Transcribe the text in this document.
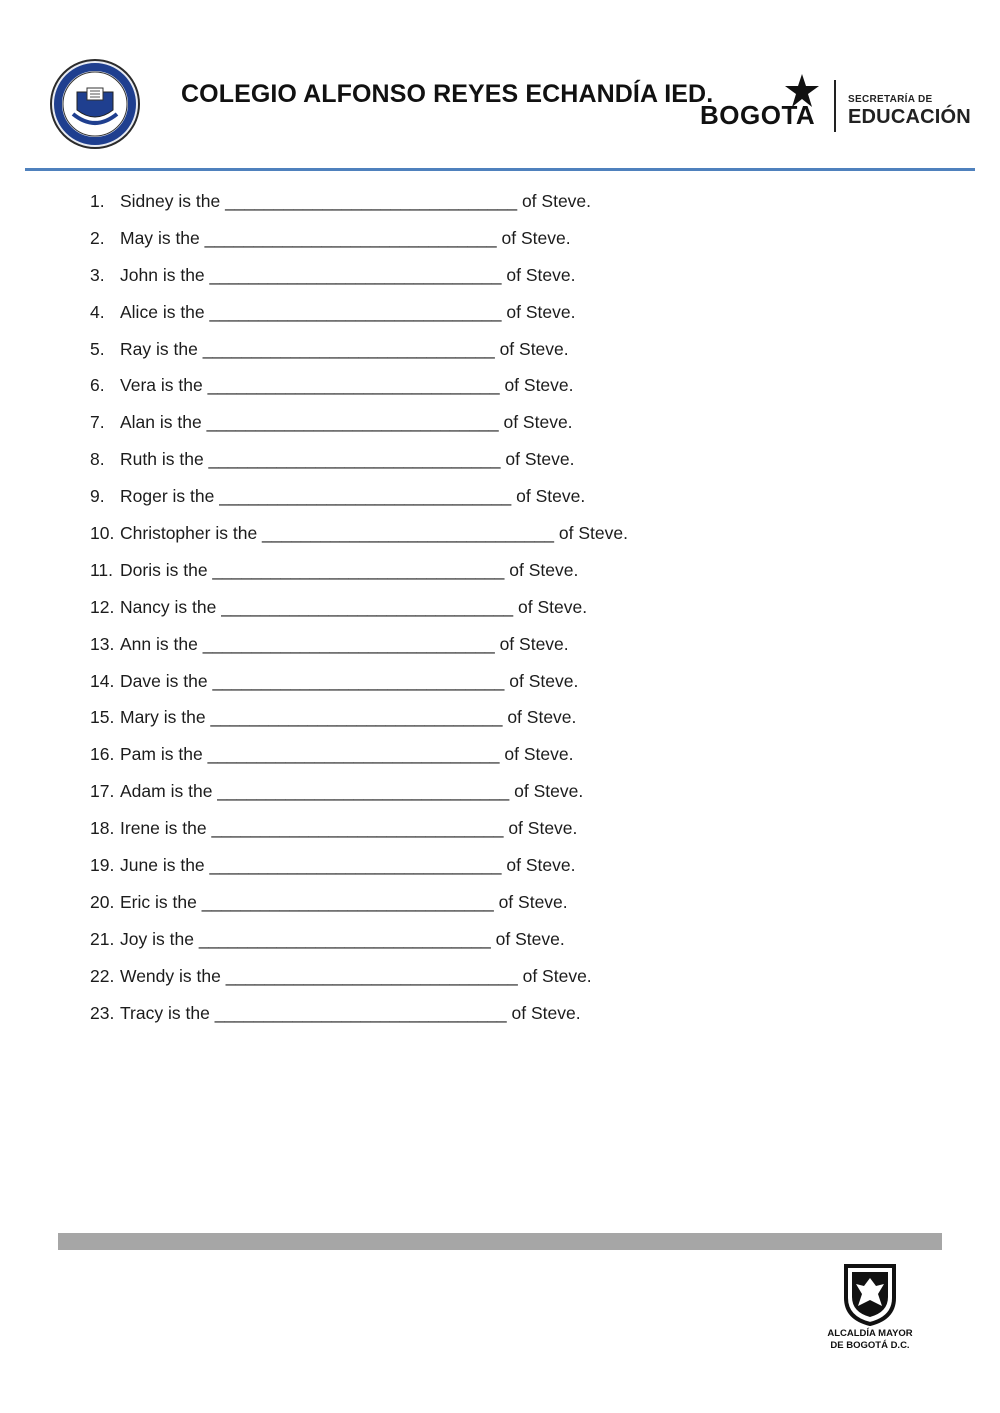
COLEGIO ALFONSO REYES ECHANDÍA IED.
BOGOTA
SECRETARÍA DE
EDUCACIÓN
1. Sidney is the ______________________________ of Steve.
2. May is the ______________________________ of Steve.
3. John is the ______________________________ of Steve.
4. Alice is the ______________________________ of Steve.
5. Ray is the ______________________________ of Steve.
6. Vera is the ______________________________ of Steve.
7. Alan is the ______________________________ of Steve.
8. Ruth is the ______________________________ of Steve.
9. Roger is the ______________________________ of Steve.
10. Christopher is the ______________________________ of Steve.
11. Doris is the ______________________________ of Steve.
12. Nancy is the ______________________________ of Steve.
13. Ann is the ______________________________ of Steve.
14. Dave is the ______________________________ of Steve.
15. Mary is the ______________________________ of Steve.
16. Pam is the ______________________________ of Steve.
17. Adam is the ______________________________ of Steve.
18. Irene is the ______________________________ of Steve.
19. June is the ______________________________ of Steve.
20. Eric is the ______________________________ of Steve.
21. Joy is the ______________________________ of Steve.
22. Wendy is the ______________________________ of Steve.
23. Tracy is the ______________________________ of Steve.
ALCALDÍA MAYOR
DE BOGOTÁ D.C.
